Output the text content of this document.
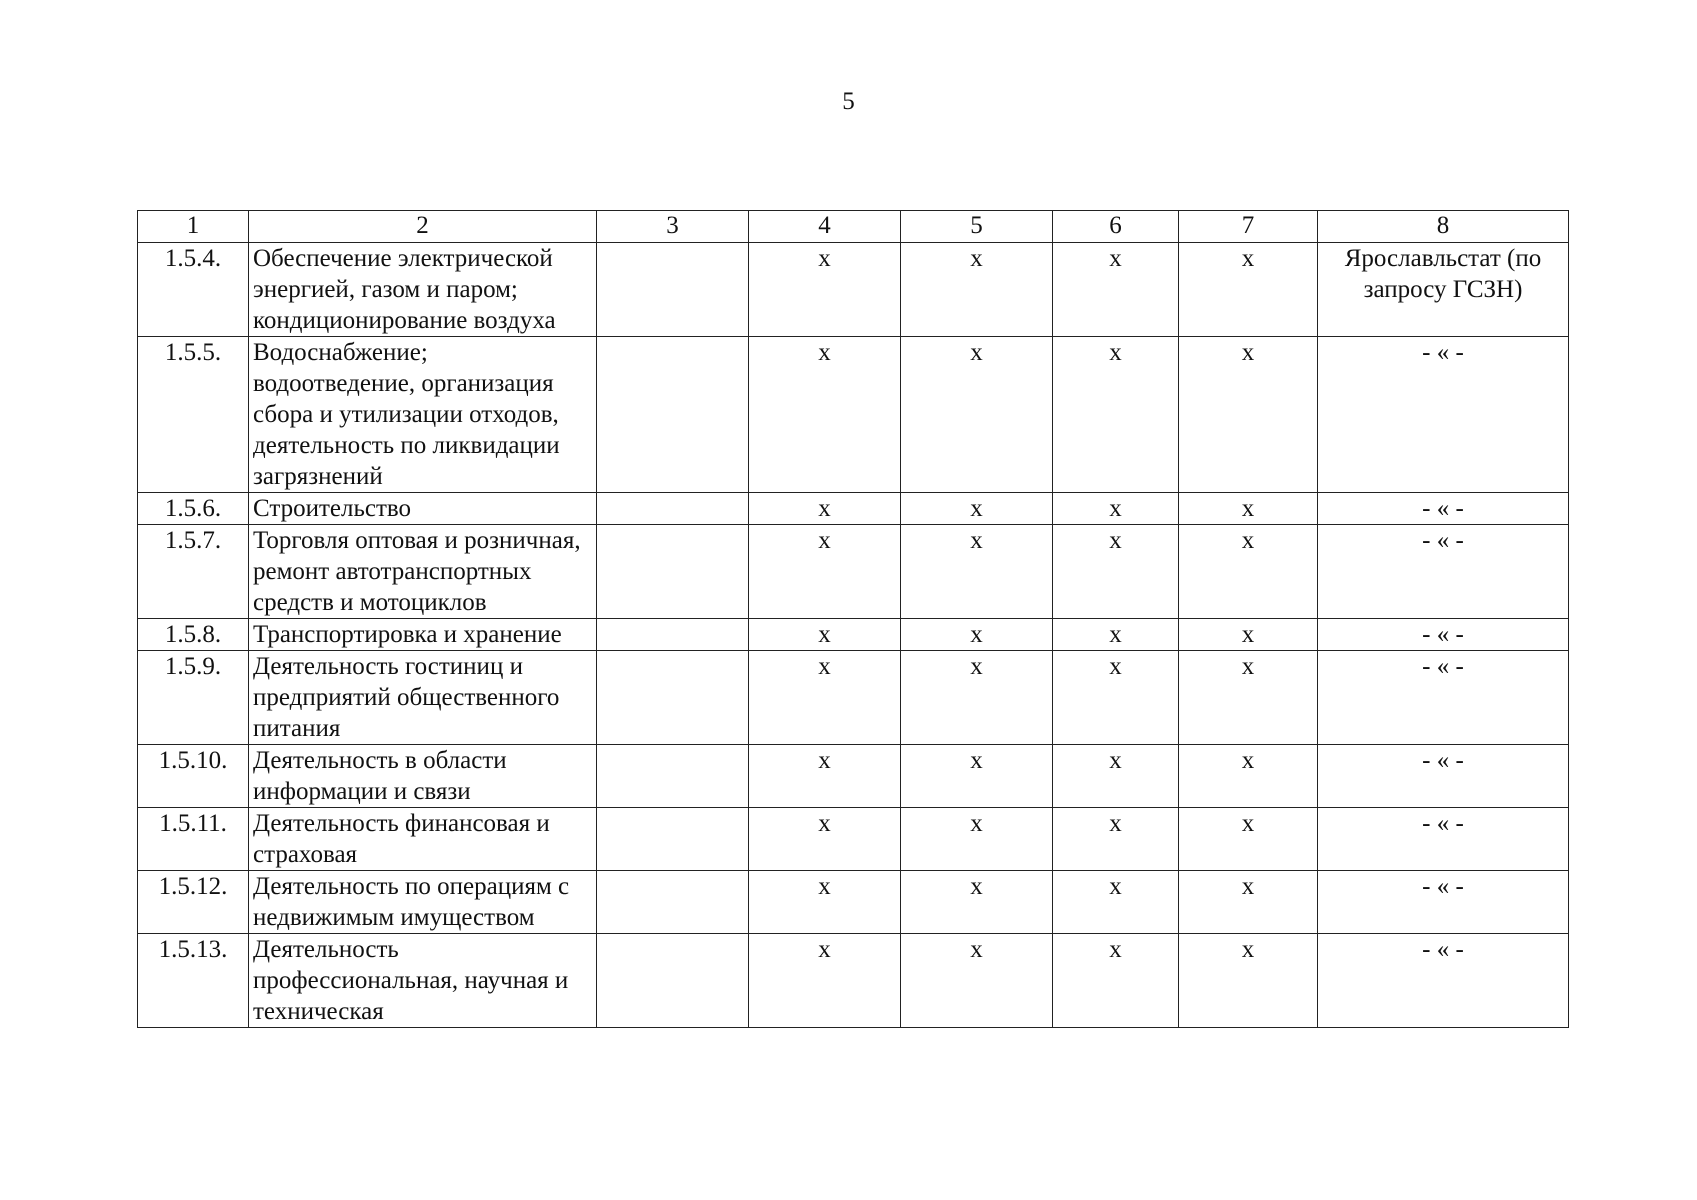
5
1	2	3	4	5	6	7	8
1.5.4.	Обеспечение электрической энергией, газом и паром; кондиционирование воздуха		x	x	x	x	Ярославльстат (по запросу ГСЗН)
1.5.5.	Водоснабжение; водоотведение, организация сбора и утилизации отходов, деятельность по ликвидации загрязнений		x	x	x	x	- « -
1.5.6.	Строительство		x	x	x	x	- « -
1.5.7.	Торговля оптовая и розничная, ремонт автотранспортных средств и мотоциклов		x	x	x	x	- « -
1.5.8.	Транспортировка и хранение		x	x	x	x	- « -
1.5.9.	Деятельность гостиниц и предприятий общественного питания		x	x	x	x	- « -
1.5.10.	Деятельность в области информации и связи		x	x	x	x	- « -
1.5.11.	Деятельность финансовая и страховая		x	x	x	x	- « -
1.5.12.	Деятельность по операциям с недвижимым имуществом		x	x	x	x	- « -
1.5.13.	Деятельность профессиональная, научная и техническая		x	x	x	x	- « -
